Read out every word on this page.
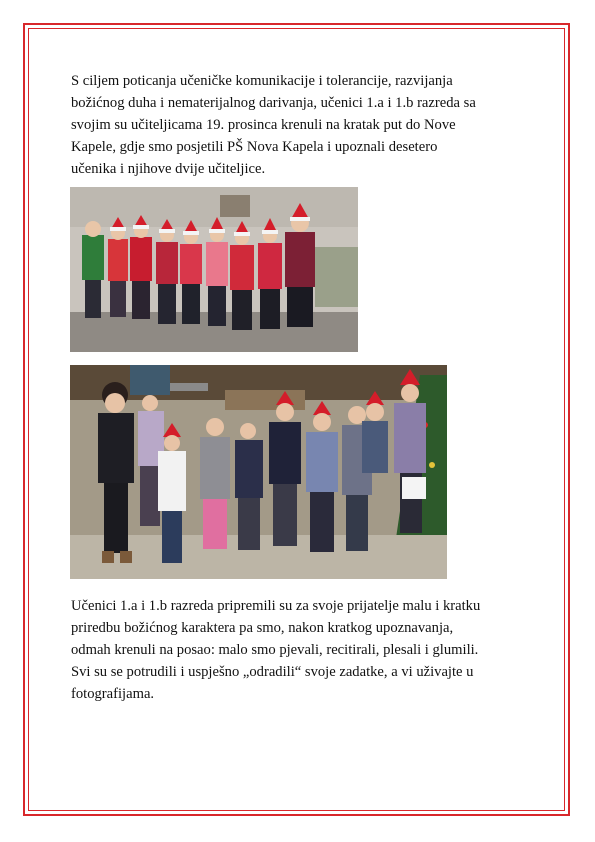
S ciljem poticanja učeničke komunikacije i tolerancije, razvijanja
božićnog duha i nematerijalnog darivanja, učenici 1.a i 1.b razreda sa
svojim su učiteljicama 19. prosinca krenuli na kratak put do Nove
Kapele, gdje smo posjetili PŠ Nova Kapela i upoznali desetero
učenika i njihove dvije učiteljice.

Učenici 1.a i 1.b razreda pripremili su za svoje prijatelje malu i kratku
priredbu božićnog karaktera pa smo, nakon kratkog upoznavanja,
odmah krenuli na posao: malo smo pjevali, recitirali, plesali i glumili.
Svi su se potrudili i uspješno „odradili“ svoje zadatke, a vi uživajte u
fotografijama.
